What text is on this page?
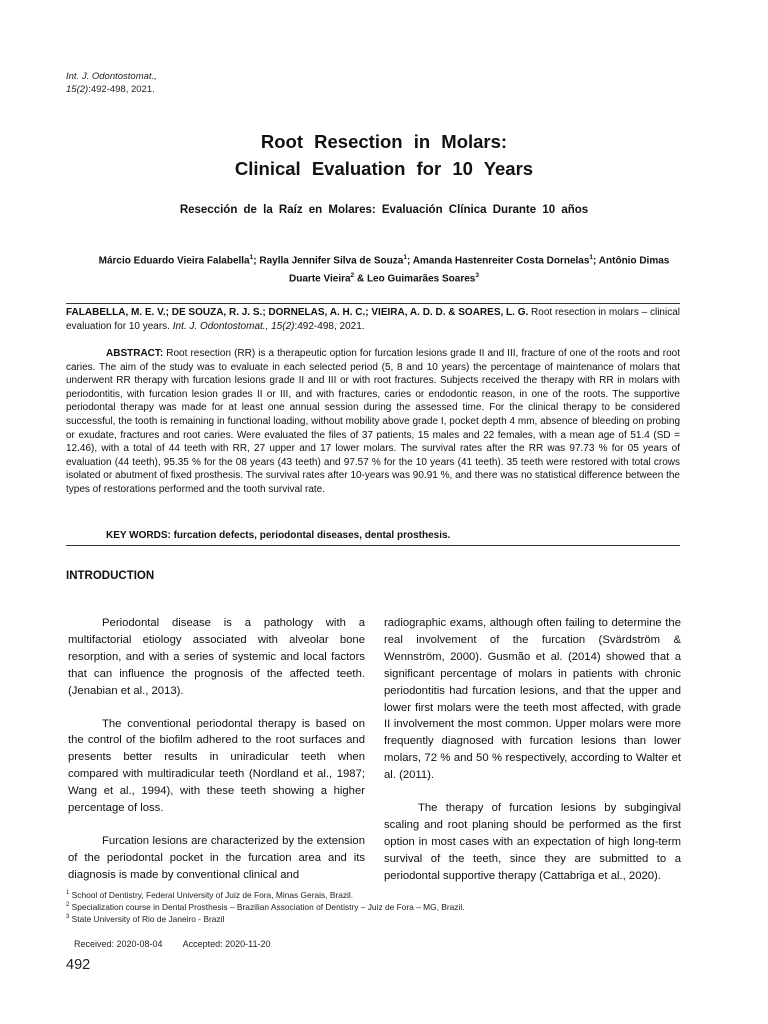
Int. J. Odontostomat.,
15(2):492-498, 2021.
Root Resection in Molars:
Clinical Evaluation for 10 Years
Resección de la Raíz en Molares: Evaluación Clínica Durante 10 años
Márcio Eduardo Vieira Falabella$^1$; Raylla Jennifer Silva de Souza$^1$; Amanda Hastenreiter Costa Dornelas$^1$; Antônio Dimas Duarte Vieira$^2$ & Leo Guimarães Soares$^3$
FALABELLA, M. E. V.; DE SOUZA, R. J. S.; DORNELAS, A. H. C.; VIEIRA, A. D. D. & SOARES, L. G. Root resection in molars – clinical evaluation for 10 years. Int. J. Odontostomat., 15(2):492-498, 2021.
ABSTRACT: Root resection (RR) is a therapeutic option for furcation lesions grade II and III, fracture of one of the roots and root caries. The aim of the study was to evaluate in each selected period (5, 8 and 10 years) the percentage of maintenance of molars that underwent RR therapy with furcation lesions grade II and III or with root fractures. Subjects received the therapy with RR in molars with periodontitis, with furcation lesion grades II or III, and with fractures, caries or endodontic reason, in one of the roots. The supportive periodontal therapy was made for at least one annual session during the assessed time. For the clinical therapy to be considered successful, the tooth is remaining in functional loading, without mobility above grade I, pocket depth 4 mm, absence of bleeding on probing or exudate, fractures and root caries. Were evaluated the files of 37 patients, 15 males and 22 females, with a mean age of 51.4 (SD = 12.46), with a total of 44 teeth with RR, 27 upper and 17 lower molars. The survival rates after the RR was 97.73 % for 05 years of evaluation (44 teeth), 95.35 % for the 08 years (43 teeth) and 97.57 % for the 10 years (41 teeth). 35 teeth were restored with total crows isolated or abutment of fixed prosthesis. The survival rates after 10-years was 90.91 %, and there was no statistical difference between the types of restorations performed and the tooth survival rate.
KEY WORDS: furcation defects, periodontal diseases, dental prosthesis.
INTRODUCTION

Periodontal disease is a pathology with a multifactorial etiology associated with alveolar bone resorption, and with a series of systemic and local factors that can influence the prognosis of the affected teeth. (Jenabian et al., 2013).

The conventional periodontal therapy is based on the control of the biofilm adhered to the root surfaces and presents better results in uniradicular teeth when compared with multiradicular teeth (Nordland et al., 1987; Wang et al., 1994), with these teeth showing a higher percentage of loss.

Furcation lesions are characterized by the extension of the periodontal pocket in the furcation area and its diagnosis is made by conventional clinical and

radiographic exams, although often failing to determine the real involvement of the furcation (Svärdström & Wennström, 2000). Gusmão et al. (2014) showed that a significant percentage of molars in patients with chronic periodontitis had furcation lesions, and that the upper and lower first molars were the teeth most affected, with grade II involvement the most common. Upper molars were more frequently diagnosed with furcation lesions than lower molars, 72 % and 50 % respectively, according to Walter et al. (2011).

The therapy of furcation lesions by subgingival scaling and root planing should be performed as the first option in most cases with an expectation of high long-term survival of the teeth, since they are submitted to a periodontal supportive therapy (Cattabriga et al., 2020).

$^1$ School of Dentistry, Federal University of Juiz de Fora, Minas Gerais, Brazil.
$^2$ Specialization course in Dental Prosthesis – Brazilian Association of Dentistry – Juiz de Fora – MG, Brazil.
$^3$ State University of Rio de Janeiro - Brazil
Received: 2020-08-04 Accepted: 2020-11-20
492
